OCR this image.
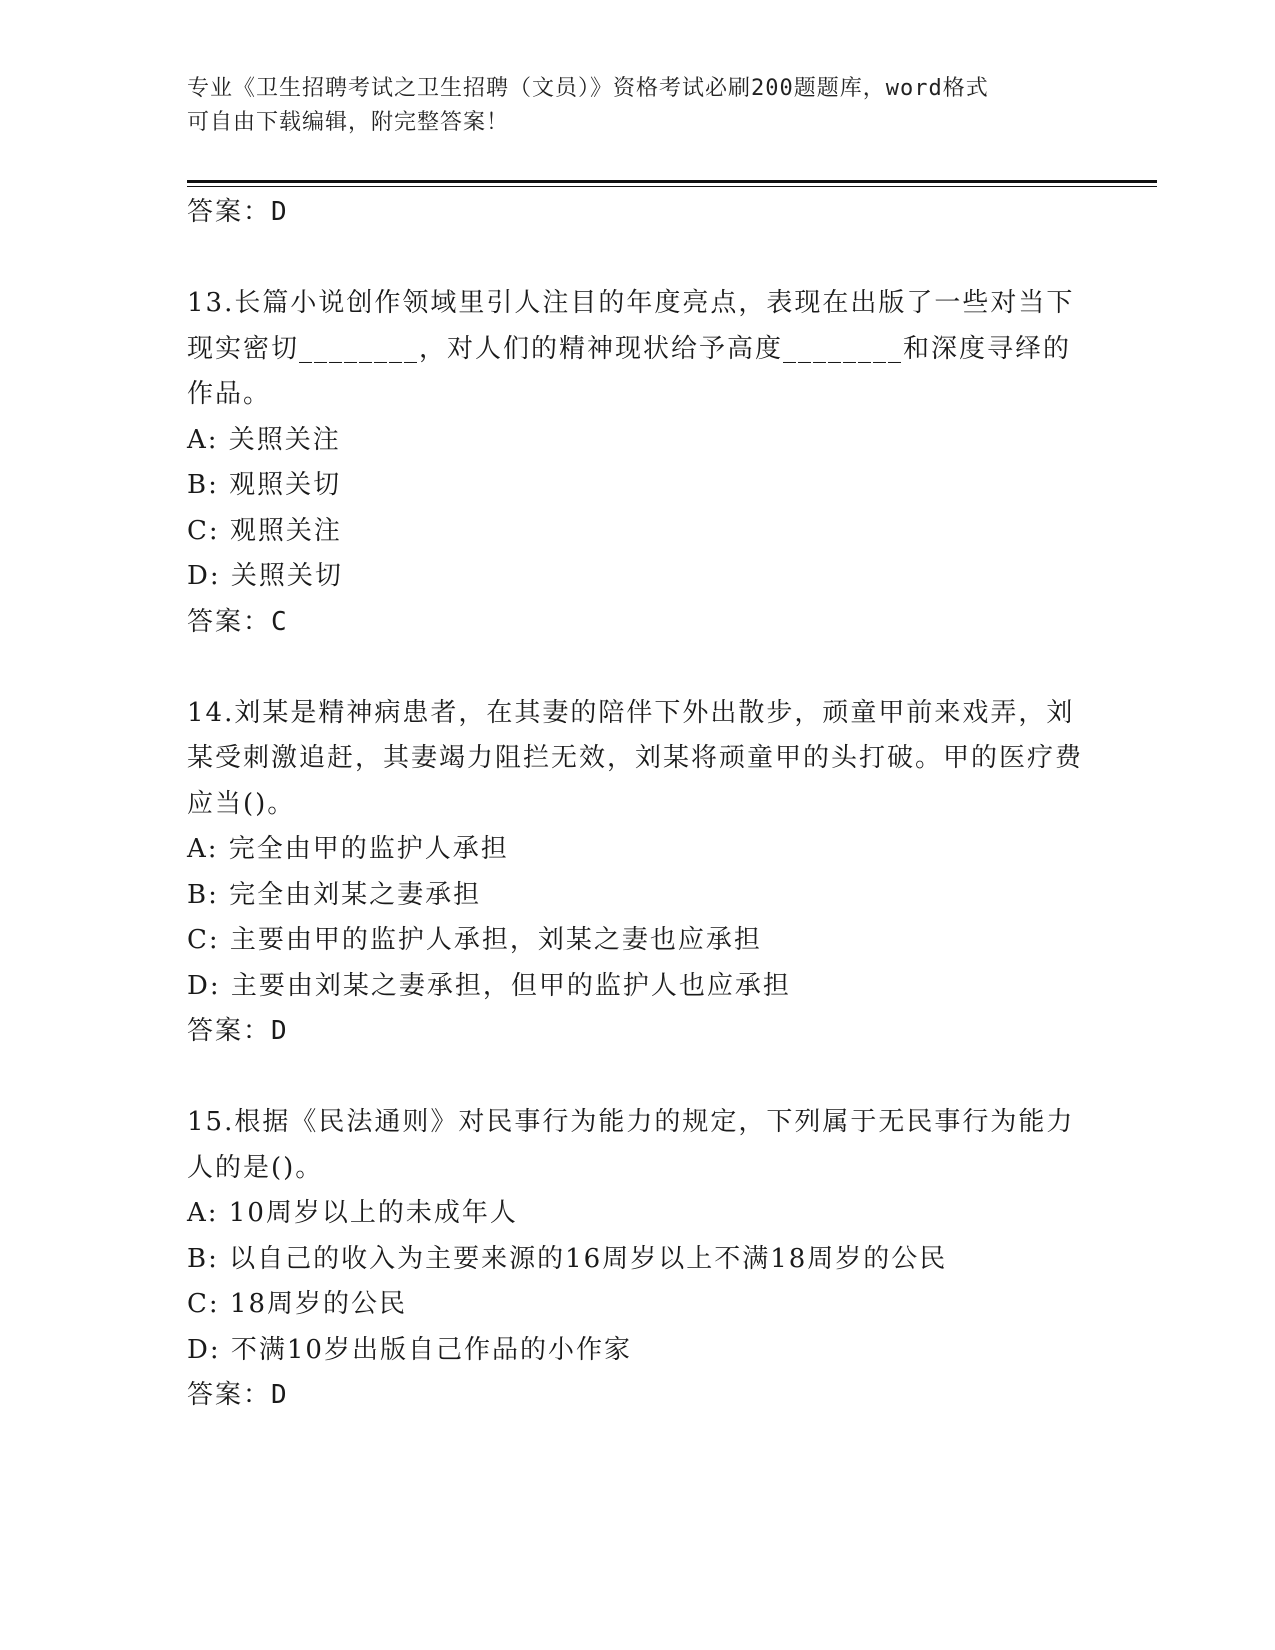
专业《卫生招聘考试之卫生招聘（文员）》资格考试必刷200题题库，word格式
可自由下载编辑，附完整答案！
答案：D
13.长篇小说创作领域里引人注目的年度亮点，表现在出版了一些对当下现实密切________，对人们的精神现状给予高度________和深度寻绎的作品。
A: 关照关注
B: 观照关切
C: 观照关注
D: 关照关切
答案：C
14.刘某是精神病患者，在其妻的陪伴下外出散步，顽童甲前来戏弄，刘某受刺激追赶，其妻竭力阻拦无效，刘某将顽童甲的头打破。甲的医疗费应当()。
A: 完全由甲的监护人承担
B: 完全由刘某之妻承担
C: 主要由甲的监护人承担，刘某之妻也应承担
D: 主要由刘某之妻承担，但甲的监护人也应承担
答案：D
15.根据《民法通则》对民事行为能力的规定，下列属于无民事行为能力人的是()。
A: 10周岁以上的未成年人
B: 以自己的收入为主要来源的16周岁以上不满18周岁的公民
C: 18周岁的公民
D: 不满10岁出版自己作品的小作家
答案：D
